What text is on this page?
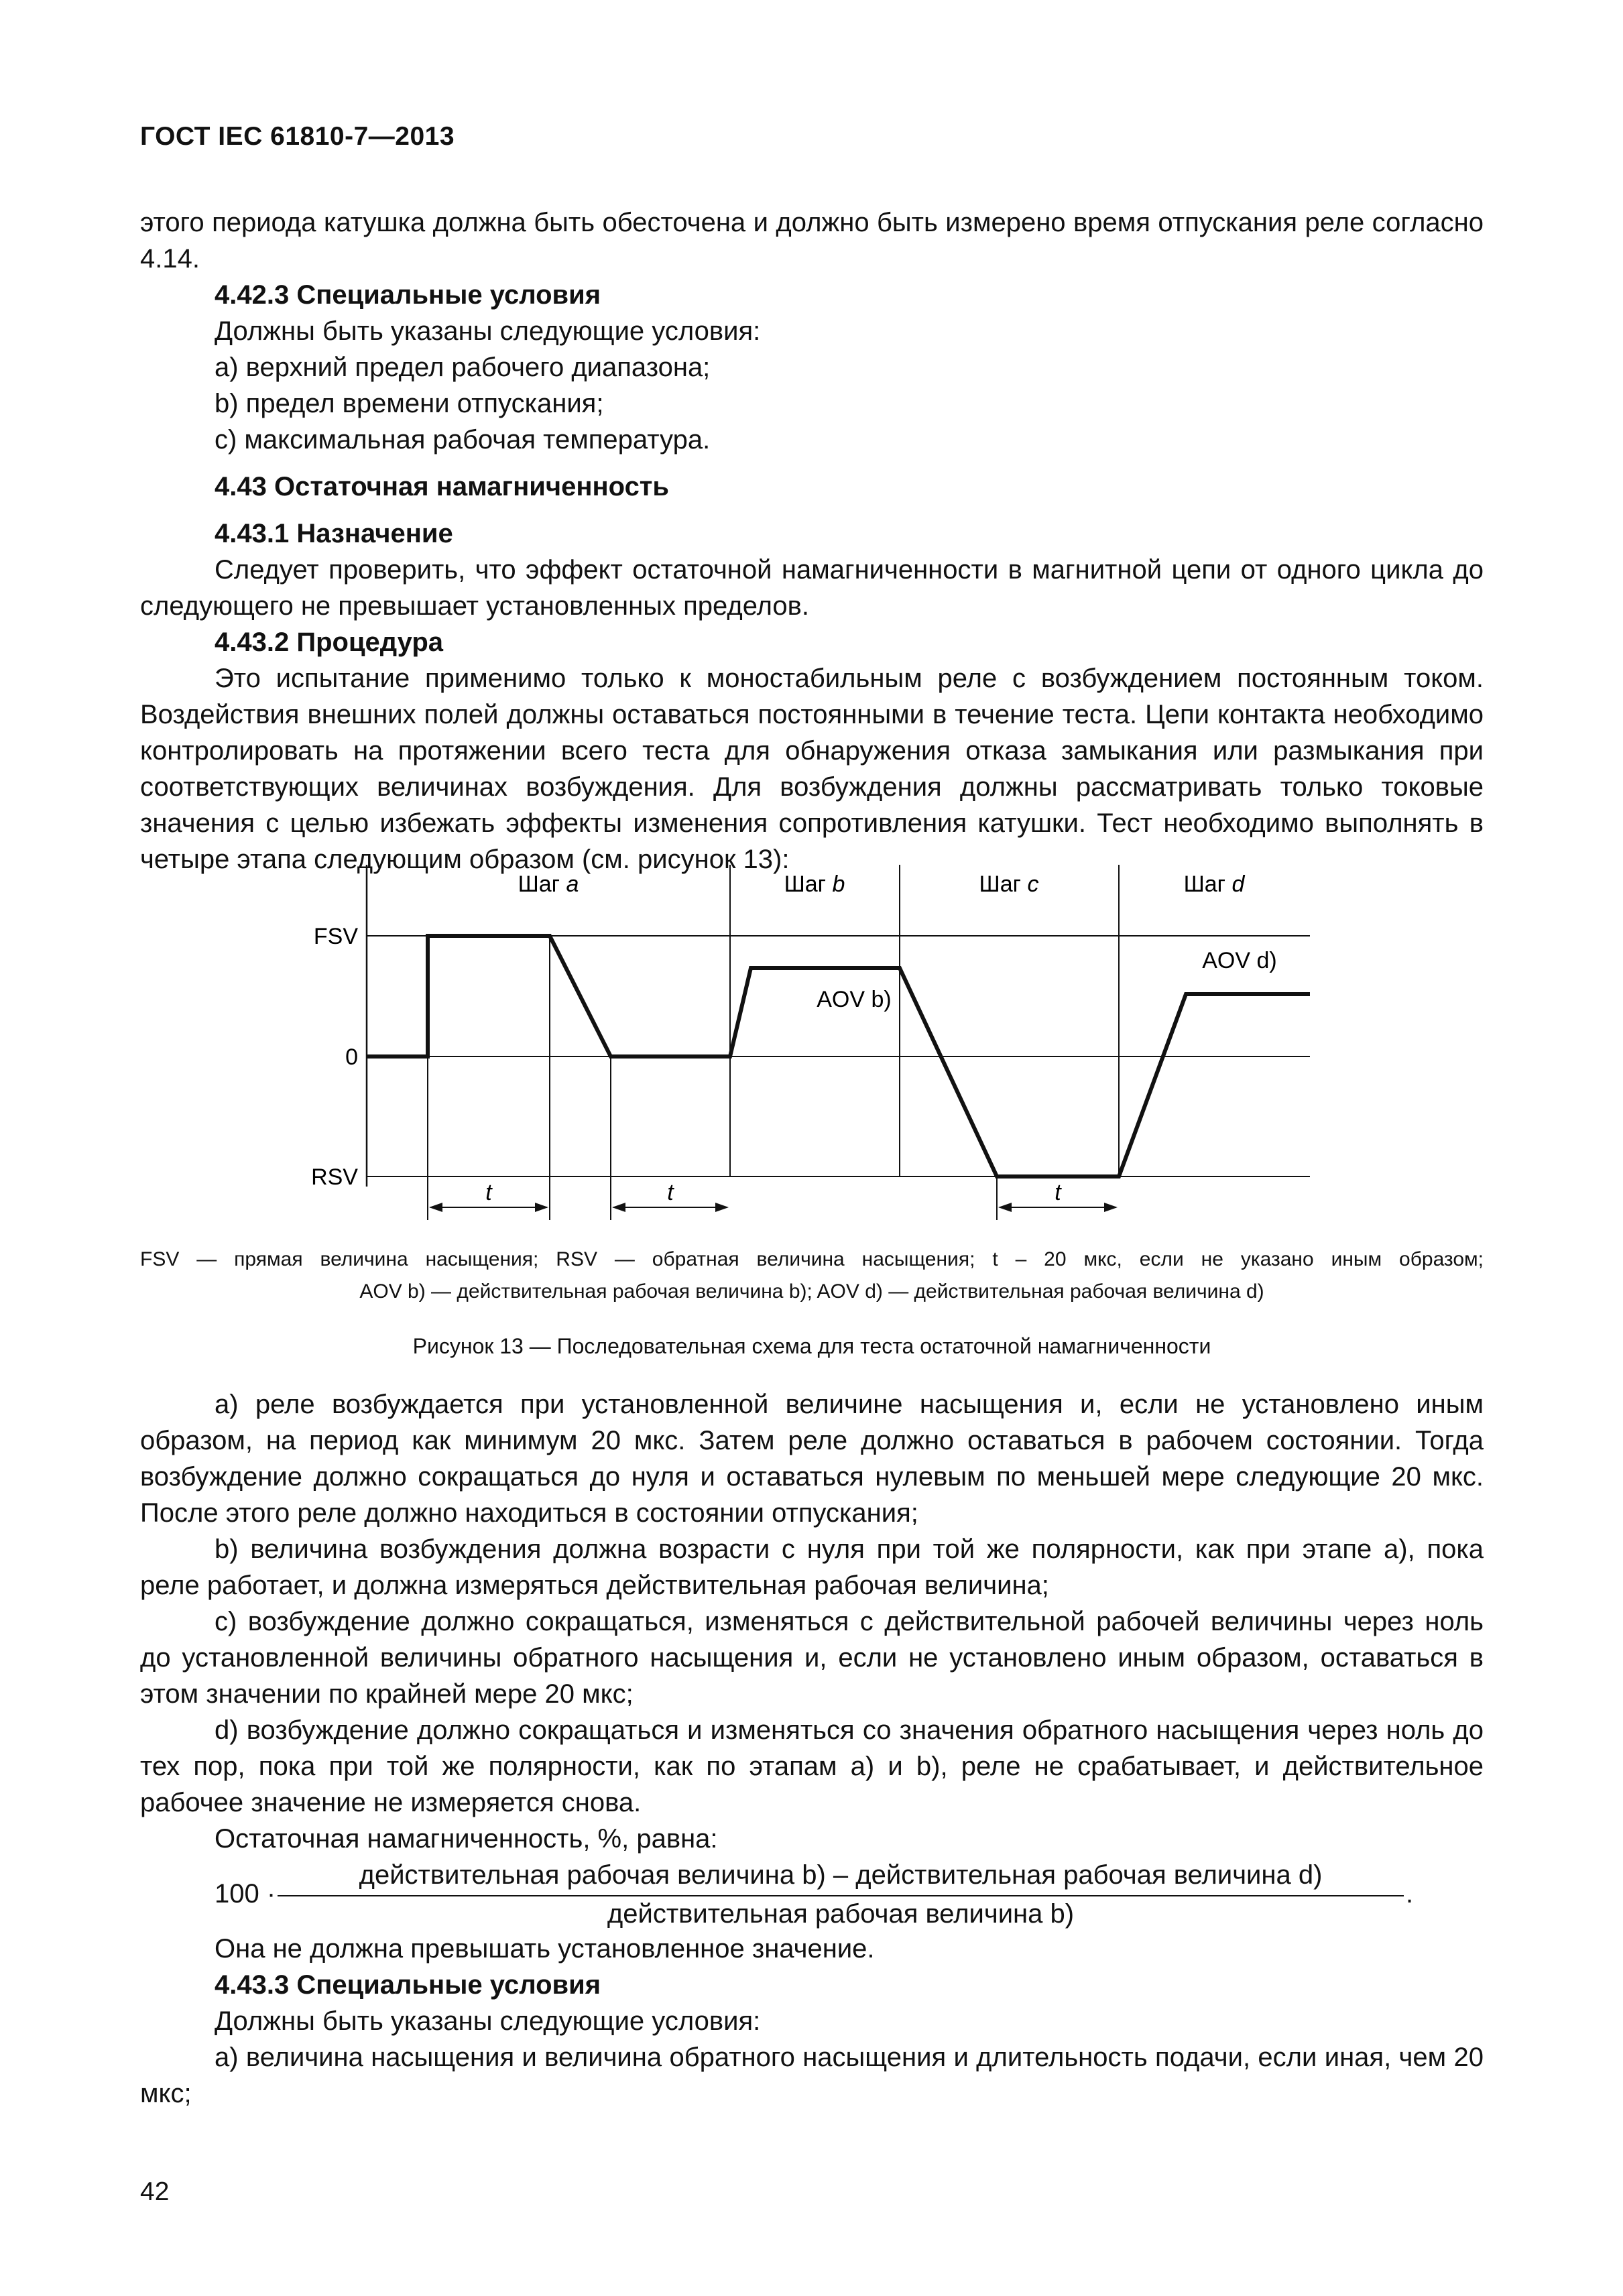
ГОСТ IEC 61810-7—2013

этого периода катушка должна быть обесточена и должно быть измерено время отпускания реле согласно 4.14.

4.42.3 Специальные условия

Должны быть указаны следующие условия:

a) верхний предел рабочего диапазона;

b) предел времени отпускания;

c) максимальная рабочая температура.

4.43 Остаточная намагниченность

4.43.1 Назначение

Следует проверить, что эффект остаточной намагниченности в магнитной цепи от одного цикла до следующего не превышает установленных пределов.

4.43.2 Процедура

Это испытание применимо только к моностабильным реле с возбуждением постоянным током. Воздействия внешних полей должны оставаться постоянными в течение теста. Цепи контакта необходимо контролировать на протяжении всего теста для обнаружения отказа замыкания или размыкания при соответствующих величинах возбуждения. Для возбуждения должны рассматривать только токовые значения с целью избежать эффекты изменения сопротивления катушки. Тест необходимо выполнять в четыре этапа следующим образом (см. рисунок 13):

Шаг a	Шаг b	Шаг c	Шаг d
FSV
0
RSV
AOV b)
AOV d)
t	t	t
FSV — прямая величина насыщения; RSV — обратная величина насыщения; t – 20 мкс, если не указано иным образом;
AOV b) — действительная рабочая величина b); AOV d) — действительная рабочая величина d)
Рисунок 13 — Последовательная схема для теста остаточной намагниченности

a) реле возбуждается при установленной величине насыщения и, если не установлено иным образом, на период как минимум 20 мкс. Затем реле должно оставаться в рабочем состоянии. Тогда возбуждение должно сокращаться до нуля и оставаться нулевым по меньшей мере следующие 20 мкс. После этого реле должно находиться в состоянии отпускания;

b) величина возбуждения должна возрасти с нуля при той же полярности, как при этапе a), пока реле работает, и должна измеряться действительная рабочая величина;

c) возбуждение должно сокращаться, изменяться с действительной рабочей величины через ноль до установленной величины обратного насыщения и, если не установлено иным образом, оставаться в этом значении по крайней мере 20 мкс;

d) возбуждение должно сокращаться и изменяться со значения обратного насыщения через ноль до тех пор, пока при той же полярности, как по этапам a) и b), реле не срабатывает, и действительное рабочее значение не измеряется снова.

Остаточная намагниченность, %, равна:

100 ·
действительная рабочая величина b) – действительная рабочая величина d)
действительная рабочая величина b)
.

Она не должна превышать установленное значение.

4.43.3 Специальные условия

Должны быть указаны следующие условия:

a) величина насыщения и величина обратного насыщения и длительность подачи, если иная, чем 20 мкс;

42
